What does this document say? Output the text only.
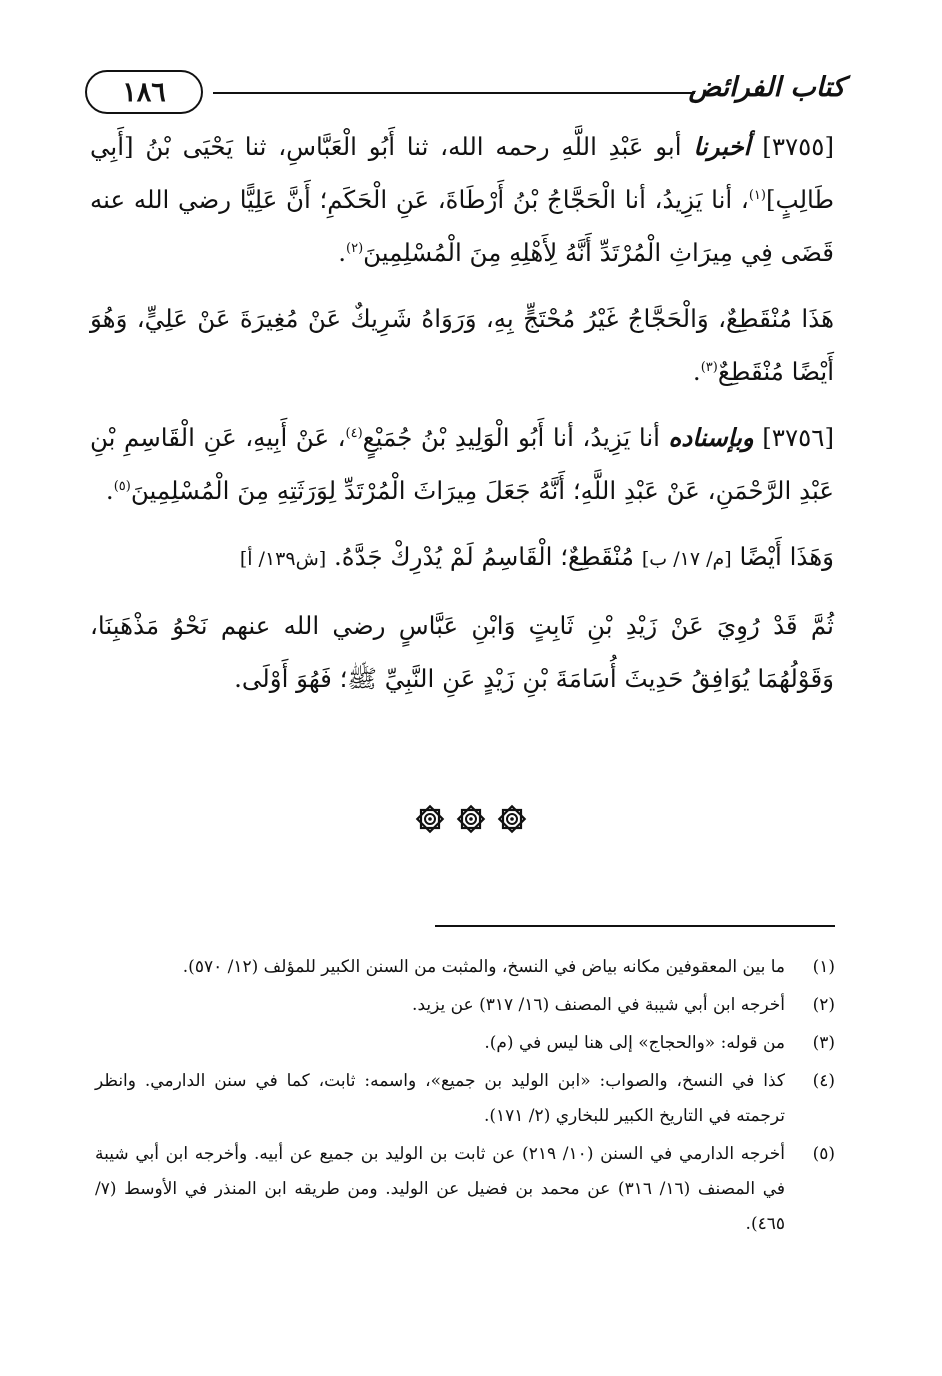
١٨٦	كتاب الفرائض

[٣٧٥٥] أخبرنا أبو عَبْدِ اللَّهِ رحمه الله، ثنا أَبُو الْعَبَّاسِ، ثنا يَحْيَى بْنُ [أَبِي طَالِبٍ]$^{(١)}$، أنا يَزِيدُ، أنا الْحَجَّاجُ بْنُ أَرْطَاةَ، عَنِ الْحَكَمِ؛ أَنَّ عَلِيًّا رضي الله عنه قَضَى فِي مِيرَاثِ الْمُرْتَدِّ أَنَّهُ لِأَهْلِهِ مِنَ الْمُسْلِمِينَ$^{(٢)}$.

هَذَا مُنْقَطِعٌ، وَالْحَجَّاجُ غَيْرُ مُحْتَجٍّ بِهِ، وَرَوَاهُ شَرِيكٌ عَنْ مُغِيرَةَ عَنْ عَلِيٍّ، وَهُوَ أَيْضًا مُنْقَطِعٌ$^{(٣)}$.

[٣٧٥٦] وبإسناده أنا يَزِيدُ، أنا أَبُو الْوَلِيدِ بْنُ جُمَيْعٍ$^{(٤)}$، عَنْ أَبِيهِ، عَنِ الْقَاسِمِ بْنِ عَبْدِ الرَّحْمَنِ، عَنْ عَبْدِ اللَّهِ؛ أَنَّهُ جَعَلَ مِيرَاثَ الْمُرْتَدِّ لِوَرَثَتِهِ مِنَ الْمُسْلِمِينَ$^{(٥)}$.

وَهَذَا أَيْضًا [م/ ١٧/ ب] مُنْقَطِعٌ؛ الْقَاسِمُ لَمْ يُدْرِكْ جَدَّهُ. [ش١٣٩/ أ]

ثُمَّ قَدْ رُوِيَ عَنْ زَيْدِ بْنِ ثَابِتٍ وَابْنِ عَبَّاسٍ رضي الله عنهم نَحْوُ مَذْهَبِنَا، وَقَوْلُهُمَا يُوَافِقُ حَدِيثَ أُسَامَةَ بْنِ زَيْدٍ عَنِ النَّبِيِّ ﷺ؛ فَهُوَ أَوْلَى.

(١)
ما بين المعقوفين مكانه بياض في النسخ، والمثبت من السنن الكبير للمؤلف (١٢/ ٥٧٠).
(٢)
أخرجه ابن أبي شيبة في المصنف (١٦/ ٣١٧) عن يزيد.
(٣)
من قوله: «والحجاج» إلى هنا ليس في (م).
(٤)
كذا في النسخ، والصواب: «ابن الوليد بن جميع»، واسمه: ثابت، كما في سنن الدارمي. وانظر ترجمته في التاريخ الكبير للبخاري (٢/ ١٧١).
(٥)
أخرجه الدارمي في السنن (١٠/ ٢١٩) عن ثابت بن الوليد بن جميع عن أبيه. وأخرجه ابن أبي شيبة في المصنف (١٦/ ٣١٦) عن محمد بن فضيل عن الوليد. ومن طريقه ابن المنذر في الأوسط (٧/ ٤٦٥).
